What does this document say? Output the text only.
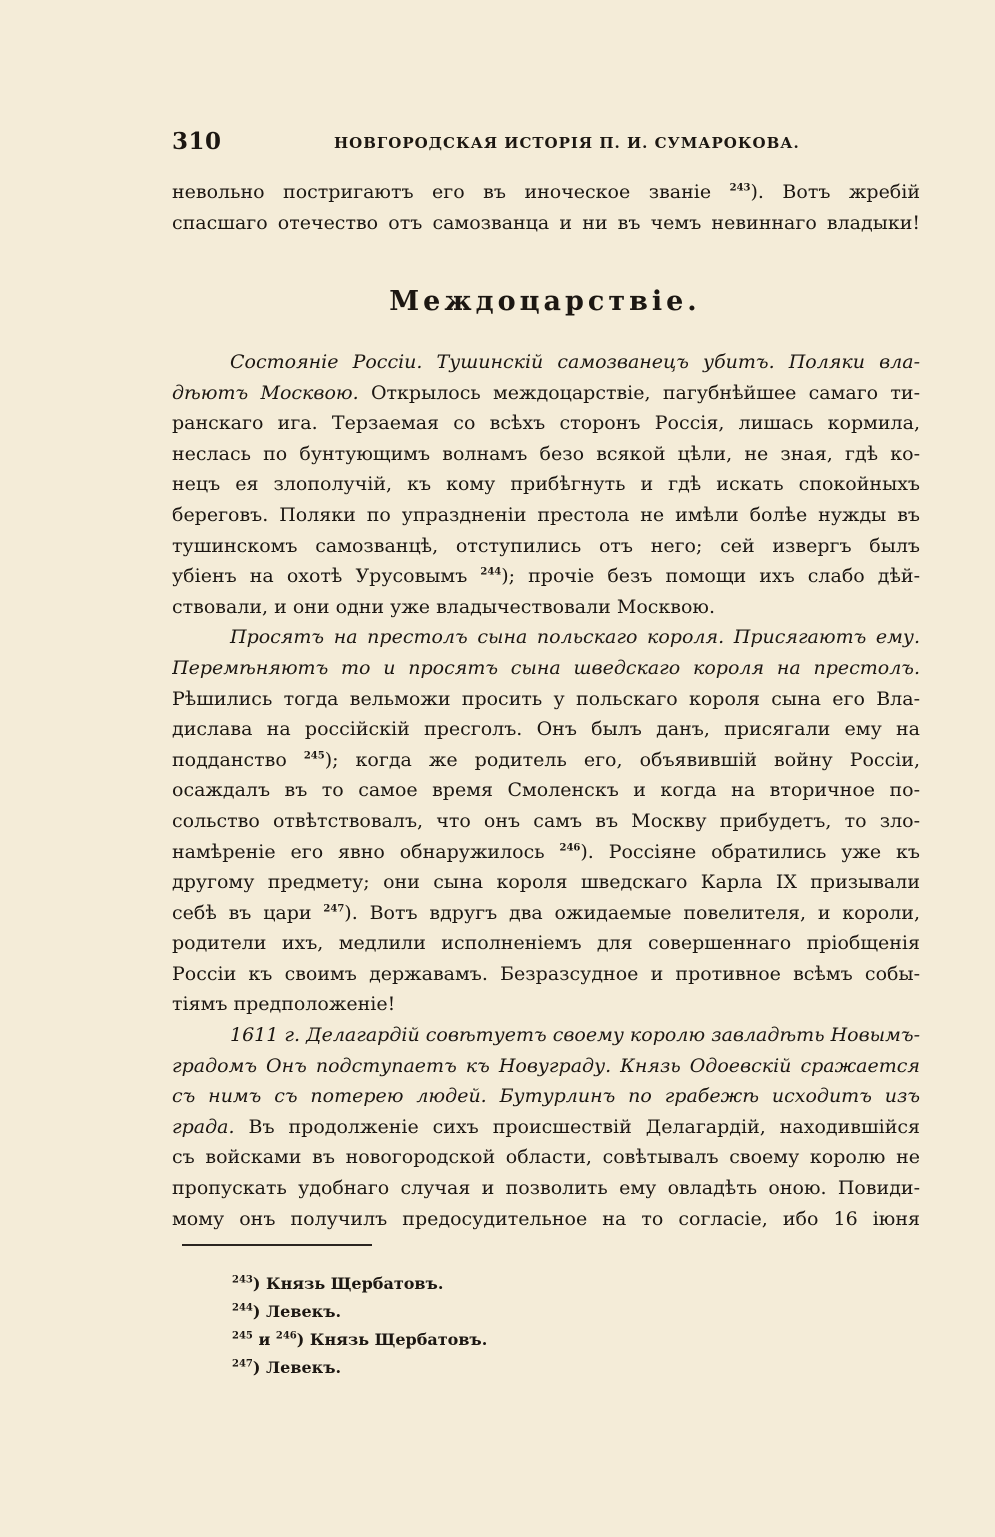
310	НОВГОРОДСКАЯ ИСТОРІЯ П. И. СУМАРОКОВА.
невольно постригаютъ его въ иноческое званіе $^{243}$). Вотъ жребій
спасшаго отечество отъ самозванца и ни въ чемъ невиннаго владыки!
Междоцарствіе.
Состояніе Россіи. Тушинскій самозванецъ убитъ. Поляки вла-
дѣютъ Москвою. Открылось междоцарствіе, пагубнѣйшее самаго ти-
ранскаго ига. Терзаемая со всѣхъ сторонъ Россія, лишась кормила,
неслась по бунтующимъ волнамъ безо всякой цѣли, не зная, гдѣ ко-
нецъ ея злополучій, къ кому прибѣгнуть и гдѣ искать спокойныхъ
береговъ. Поляки по упраздненіи престола не имѣли болѣе нужды въ
тушинскомъ самозванцѣ, отступились отъ него; сей извергъ былъ
убіенъ на охотѣ Урусовымъ $^{244}$); прочіе безъ помощи ихъ слабо дѣй-
ствовали, и они одни уже владычествовали Москвою.
Просятъ на престолъ сына польскаго короля. Присягаютъ ему.
Перемѣняютъ то и просятъ сына шведскаго короля на престолъ.
Рѣшились тогда вельможи просить у польскаго короля сына его Вла-
дислава на россійскій пресголъ. Онъ былъ данъ, присягали ему на
подданство $^{245}$); когда же родитель его, объявившій войну Россіи,
осаждалъ въ то самое время Смоленскъ и когда на вторичное по-
сольство отвѣтствовалъ, что онъ самъ въ Москву прибудетъ, то зло-
намѣреніе его явно обнаружилось $^{246}$). Россіяне обратились уже къ
другому предмету; они сына короля шведскаго Карла IX призывали
себѣ въ цари $^{247}$). Вотъ вдругъ два ожидаемые повелителя, и короли,
родители ихъ, медлили исполненіемъ для совершеннаго пріобщенія
Россіи къ своимъ державамъ. Безразсудное и противное всѣмъ собы-
тіямъ предположеніе!
1611 г. Делагардій совѣтуетъ своему королю завладѣть Новымъ-
градомъ Онъ подступаетъ къ Новуграду. Князь Одоевскій сражается
съ нимъ съ потерею людей. Бутурлинъ по грабежѣ исходитъ изъ
града. Въ продолженіе сихъ происшествій Делагардій, находившійся
съ войсками въ новогородской области, совѣтывалъ своему королю не
пропускать удобнаго случая и позволить ему овладѣть оною. Повиди-
мому онъ получилъ предосудительное на то согласіе, ибо 16 іюня
$^{243}$) Князь Щербатовъ.
$^{244}$) Левекъ.
$^{245}$ и $^{246}$) Князь Щербатовъ.
$^{247}$) Левекъ.
